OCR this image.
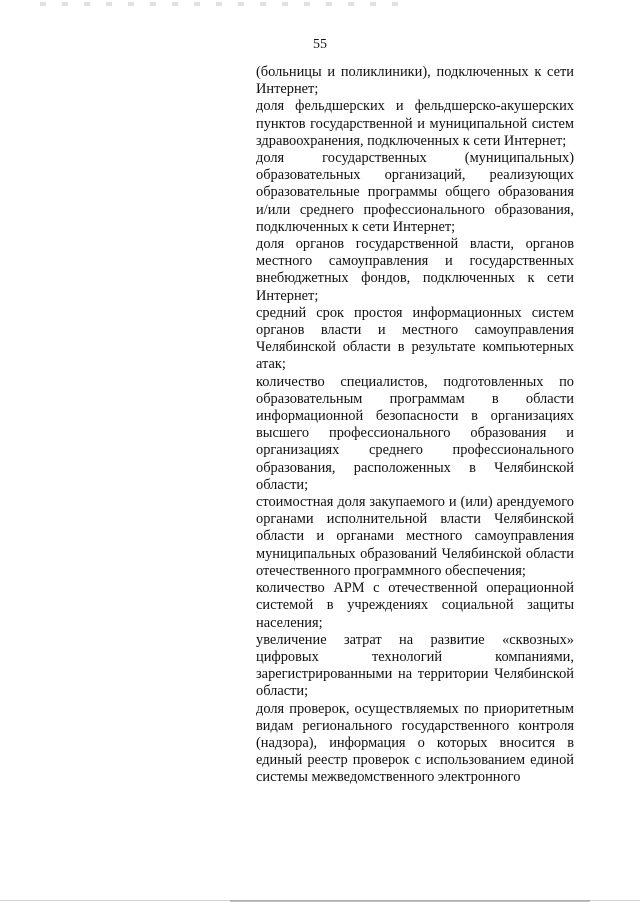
55

(больницы и поликлиники), подключенных к сети Интернет;

доля фельдшерских и фельдшерско-акушерских пунктов государственной и муниципальной систем здравоохранения, подключенных к сети Интернет;

доля государственных (муниципальных) образовательных организаций, реализующих образовательные программы общего образования и/или среднего профессионального образования, подключенных к сети Интернет;

доля органов государственной власти, органов местного самоуправления и государственных внебюджетных фондов, подключенных к сети Интернет;

средний срок простоя информационных систем органов власти и местного самоуправления Челябинской области в результате компьютерных атак;

количество специалистов, подготовленных по образовательным программам в области информационной безопасности в организациях высшего профессионального образования и организациях среднего профессионального образования, расположенных в Челябинской области;

стоимостная доля закупаемого и (или) арендуемого органами исполнительной власти Челябинской области и органами местного самоуправления муниципальных образований Челябинской области отечественного программного обеспечения;

количество АРМ с отечественной операционной системой в учреждениях социальной защиты населения;

увеличение затрат на развитие «сквозных» цифровых технологий компаниями, зарегистрированными на территории Челябинской области;

доля проверок, осуществляемых по приоритетным видам регионального государственного контроля (надзора), информация о которых вносится в единый реестр проверок с использованием единой системы межведомственного электронного
